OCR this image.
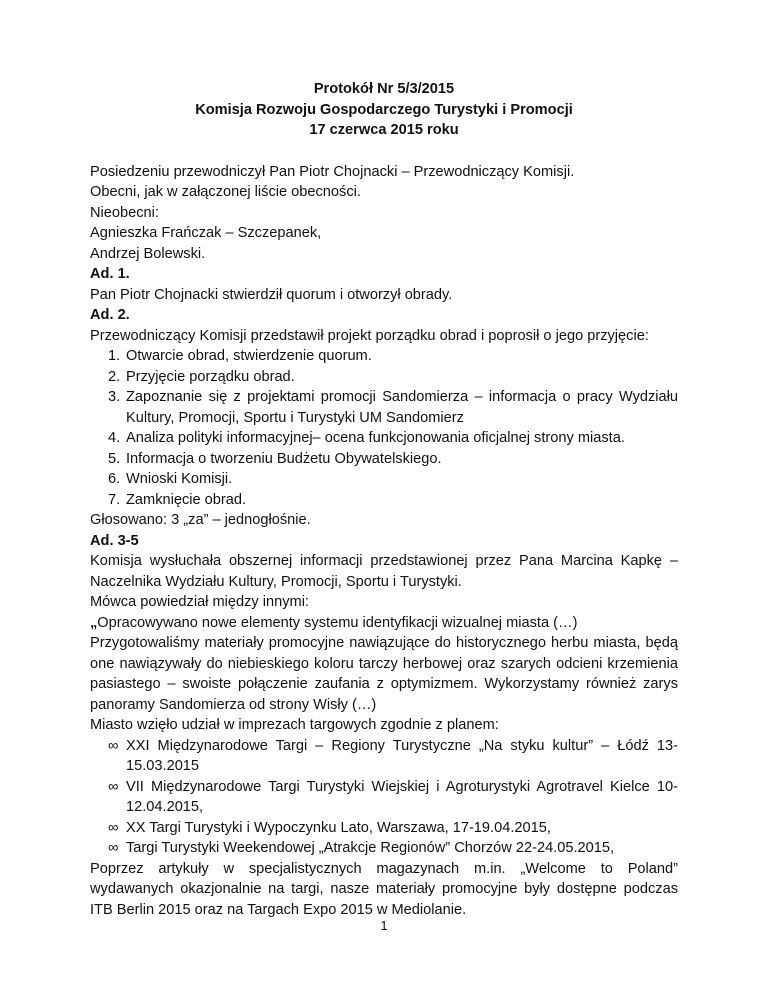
Protokół Nr 5/3/2015
Komisja Rozwoju Gospodarczego Turystyki i Promocji
17 czerwca 2015 roku
Posiedzeniu przewodniczył Pan Piotr Chojnacki – Przewodniczący Komisji.
Obecni, jak w załączonej liście obecności.
Nieobecni:
Agnieszka Frańczak – Szczepanek,
Andrzej Bolewski.
Ad. 1.
Pan Piotr Chojnacki stwierdził quorum i otworzył obrady.
Ad. 2.
Przewodniczący Komisji przedstawił projekt porządku obrad i poprosił o jego przyjęcie:
1. Otwarcie obrad, stwierdzenie quorum.
2. Przyjęcie porządku obrad.
3. Zapoznanie się z projektami promocji Sandomierza – informacja o pracy Wydziału Kultury, Promocji, Sportu i Turystyki UM Sandomierz
4. Analiza polityki informacyjnej– ocena funkcjonowania oficjalnej strony miasta.
5. Informacja o tworzeniu Budżetu Obywatelskiego.
6. Wnioski Komisji.
7. Zamknięcie obrad.
Głosowano: 3 „za” – jednogłośnie.
Ad. 3-5
Komisja wysłuchała obszernej informacji przedstawionej przez Pana Marcina Kapkę – Naczelnika Wydziału Kultury, Promocji, Sportu i Turystyki.
Mówca powiedział między innymi:
„Opracowywano nowe elementy systemu identyfikacji wizualnej miasta (…)
Przygotowaliśmy materiały promocyjne nawiązujące do historycznego herbu miasta, będą one nawiązywały do niebieskiego koloru tarczy herbowej oraz szarych odcieni krzemienia pasiastego – swoiste połączenie zaufania z optymizmem. Wykorzystamy również zarys panoramy Sandomierza od strony Wisły (…)
Miasto wzięło udział w imprezach targowych zgodnie z planem:
∞ XXI Międzynarodowe Targi – Regiony Turystyczne „Na styku kultur” – Łódź 13-15.03.2015
∞ VII Międzynarodowe Targi Turystyki Wiejskiej i Agroturystyki Agrotravel Kielce 10-12.04.2015,
∞ XX Targi Turystyki i Wypoczynku Lato, Warszawa, 17-19.04.2015,
∞ Targi Turystyki Weekendowej „Atrakcje Regionów” Chorzów 22-24.05.2015,
Poprzez artykuły w specjalistycznych magazynach m.in. „Welcome to Poland” wydawanych okazjonalnie na targi, nasze materiały promocyjne były dostępne podczas ITB Berlin 2015 oraz na Targach Expo 2015 w Mediolanie.
1
